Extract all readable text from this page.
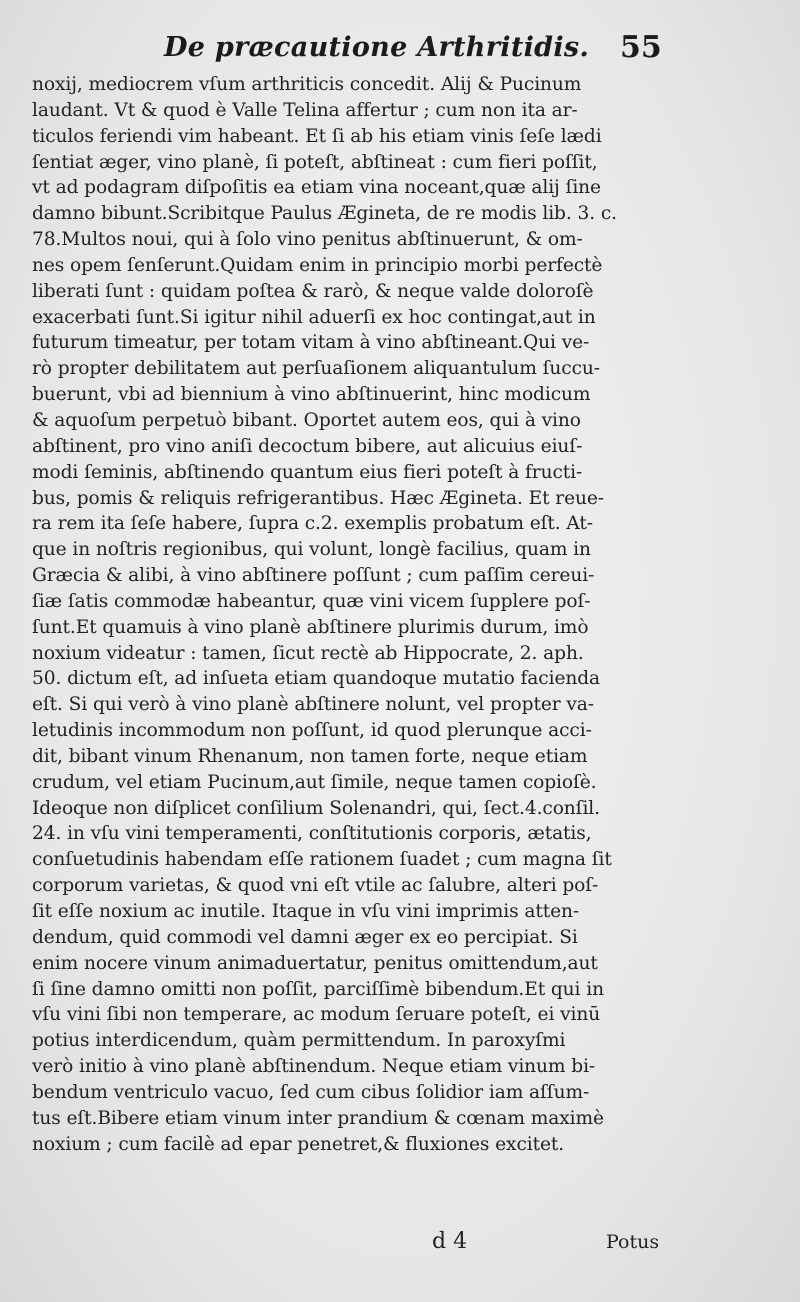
De præcautione Arthritidis. 55
noxij, mediocrem vſum arthriticis concedit. Alij & Pucinum
laudant. Vt & quod è Valle Telina affertur ; cum non ita ar-
ticulos feriendi vim habeant. Et ſi ab his etiam vinis ſeſe lædi
ſentiat æger, vino planè, ſi poteſt, abſtineat : cum fieri poſſit,
vt ad podagram diſpoſitis ea etiam vina noceant,quæ alij ſine
damno bibunt.Scribitque Paulus Ægineta, de re modis lib. 3. c.
78.Multos noui, qui à ſolo vino penitus abſtinuerunt, & om-
nes opem ſenſerunt.Quidam enim in principio morbi perfectè
liberati ſunt : quidam poſtea & rarò, & neque valde doloroſè
exacerbati ſunt.Si igitur nihil aduerſi ex hoc contingat,aut in
futurum timeatur, per totam vitam à vino abſtineant.Qui ve-
rò propter debilitatem aut perſuaſionem aliquantulum ſuccu-
buerunt, vbi ad biennium à vino abſtinuerint, hinc modicum
& aquoſum perpetuò bibant. Oportet autem eos, qui à vino
abſtinent, pro vino aniſi decoctum bibere, aut alicuius eiuſ-
modi ſeminis, abſtinendo quantum eius fieri poteſt à fructi-
bus, pomis & reliquis refrigerantibus. Hæc Ægineta. Et reue-
ra rem ita ſeſe habere, ſupra c.2. exemplis probatum eſt. At-
que in noſtris regionibus, qui volunt, longè facilius, quam in
Græcia & alibi, à vino abſtinere poſſunt ; cum paſſim cereui-
ſiæ ſatis commodæ habeantur, quæ vini vicem ſupplere poſ-
ſunt.Et quamuis à vino planè abſtinere plurimis durum, imò
noxium videatur : tamen, ſicut rectè ab Hippocrate, 2. aph.
50. dictum eſt, ad inſueta etiam quandoque mutatio facienda
eſt. Si qui verò à vino planè abſtinere nolunt, vel propter va-
letudinis incommodum non poſſunt, id quod plerunque acci-
dit, bibant vinum Rhenanum, non tamen forte, neque etiam
crudum, vel etiam Pucinum,aut ſimile, neque tamen copioſè.
Ideoque non diſplicet conſilium Solenandri, qui, ſect.4.conſil.
24. in vſu vini temperamenti, conſtitutionis corporis, ætatis,
conſuetudinis habendam eſſe rationem ſuadet ; cum magna ſit
corporum varietas, & quod vni eſt vtile ac ſalubre, alteri poſ-
ſit eſſe noxium ac inutile. Itaque in vſu vini imprimis atten-
dendum, quid commodi vel damni æger ex eo percipiat. Si
enim nocere vinum animaduertatur, penitus omittendum,aut
ſi ſine damno omitti non poſſit, parciſſimè bibendum.Et qui in
vſu vini ſibi non temperare, ac modum ſeruare poteſt, ei vinū
potius interdicendum, quàm permittendum. In paroxyſmi
verò initio à vino planè abſtinendum. Neque etiam vinum bi-
bendum ventriculo vacuo, ſed cum cibus ſolidior iam aſſum-
tus eſt.Bibere etiam vinum inter prandium & cœnam maximè
noxium ; cum facilè ad epar penetret,& fluxiones excitet.
d 4	Potus
